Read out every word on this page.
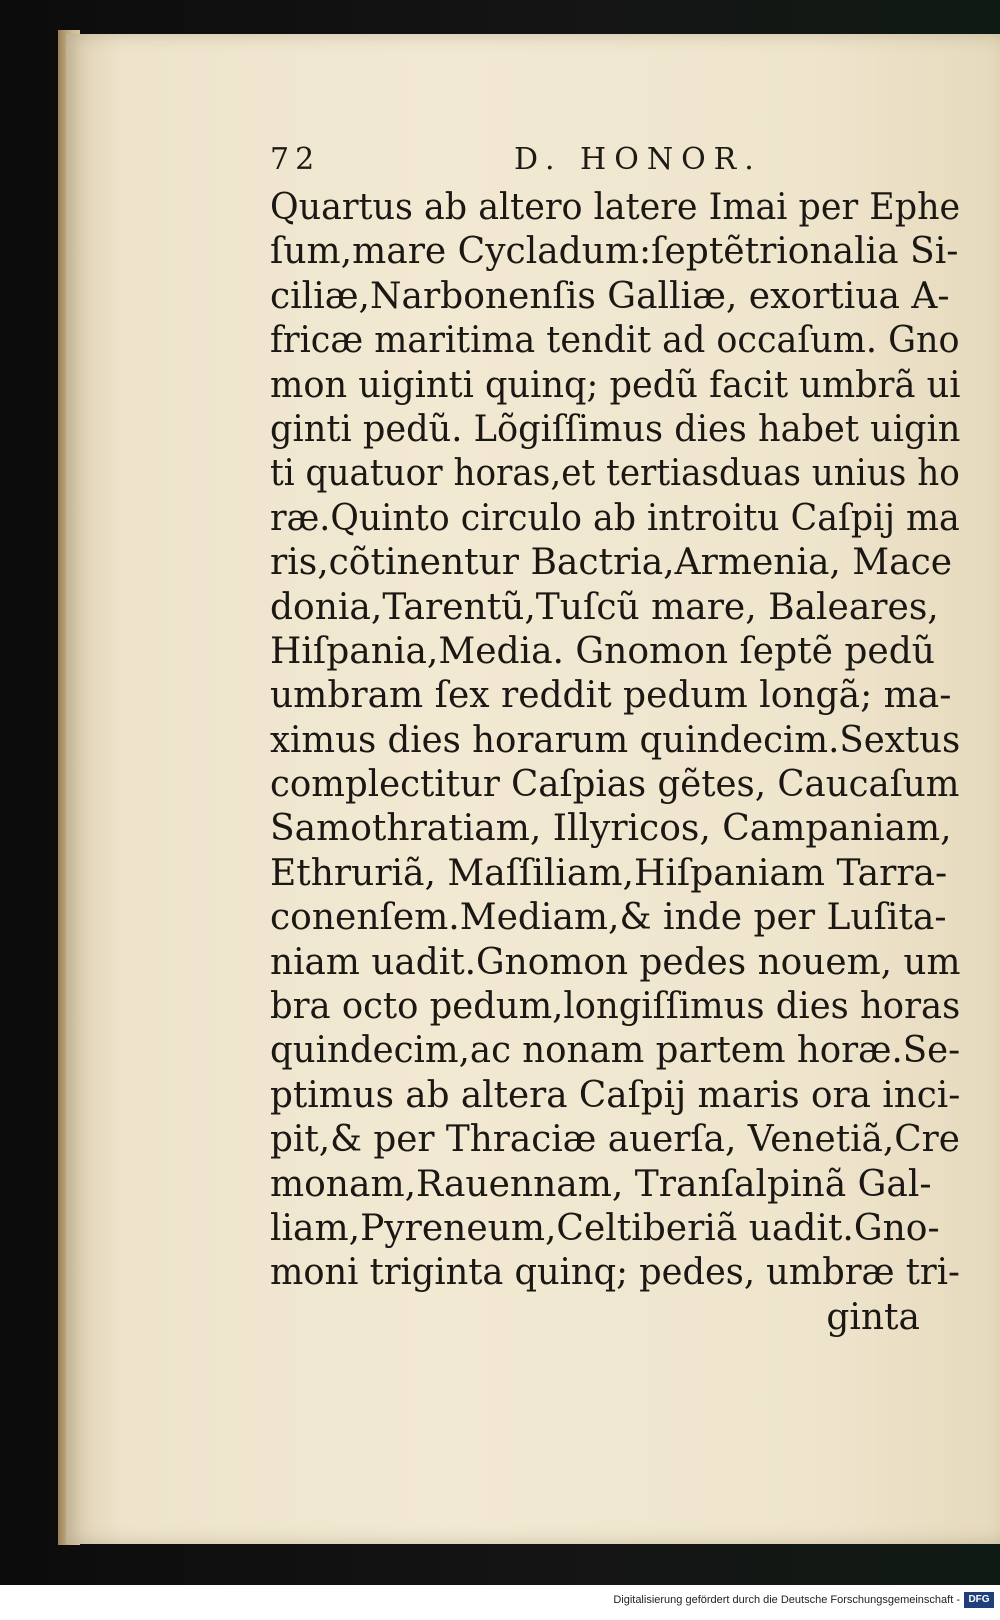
72	D. HONOR.
Quartus ab altero latere Imai per Ephe
ſum,mare Cycladum:ſeptẽtrionalia Si-
ciliæ,Narbonenſis Galliæ, exortiua A-
fricæ maritima tendit ad occaſum. Gno
mon uiginti quinq; pedũ facit umbrã ui
ginti pedũ. Lõgiſſimus dies habet uigin
ti quatuor horas,et tertiasduas unius ho
ræ.Quinto circulo ab introitu Caſpij ma
ris,cõtinentur Bactria,Armenia, Mace
donia,Tarentũ,Tuſcũ mare, Baleares,
Hiſpania,Media. Gnomon ſeptẽ pedũ
umbram ſex reddit pedum longã; ma-
ximus dies horarum quindecim.Sextus
complectitur Caſpias gẽtes, Caucaſum
Samothratiam, Illyricos, Campaniam,
Ethruriã, Maſſiliam,Hiſpaniam Tarra-
conenſem.Mediam,& inde per Luſita-
niam uadit.Gnomon pedes nouem, um
bra octo pedum,longiſſimus dies horas
quindecim,ac nonam partem horæ.Se-
ptimus ab altera Caſpij maris ora inci-
pit,& per Thraciæ auerſa, Venetiã,Cre
monam,Rauennam, Tranſalpinã Gal-
liam,Pyreneum,Celtiberiã uadit.Gno-
moni triginta quinq; pedes, umbræ tri-
ginta
Digitalisierung gefördert durch die Deutsche Forschungsgemeinschaft - DFG
